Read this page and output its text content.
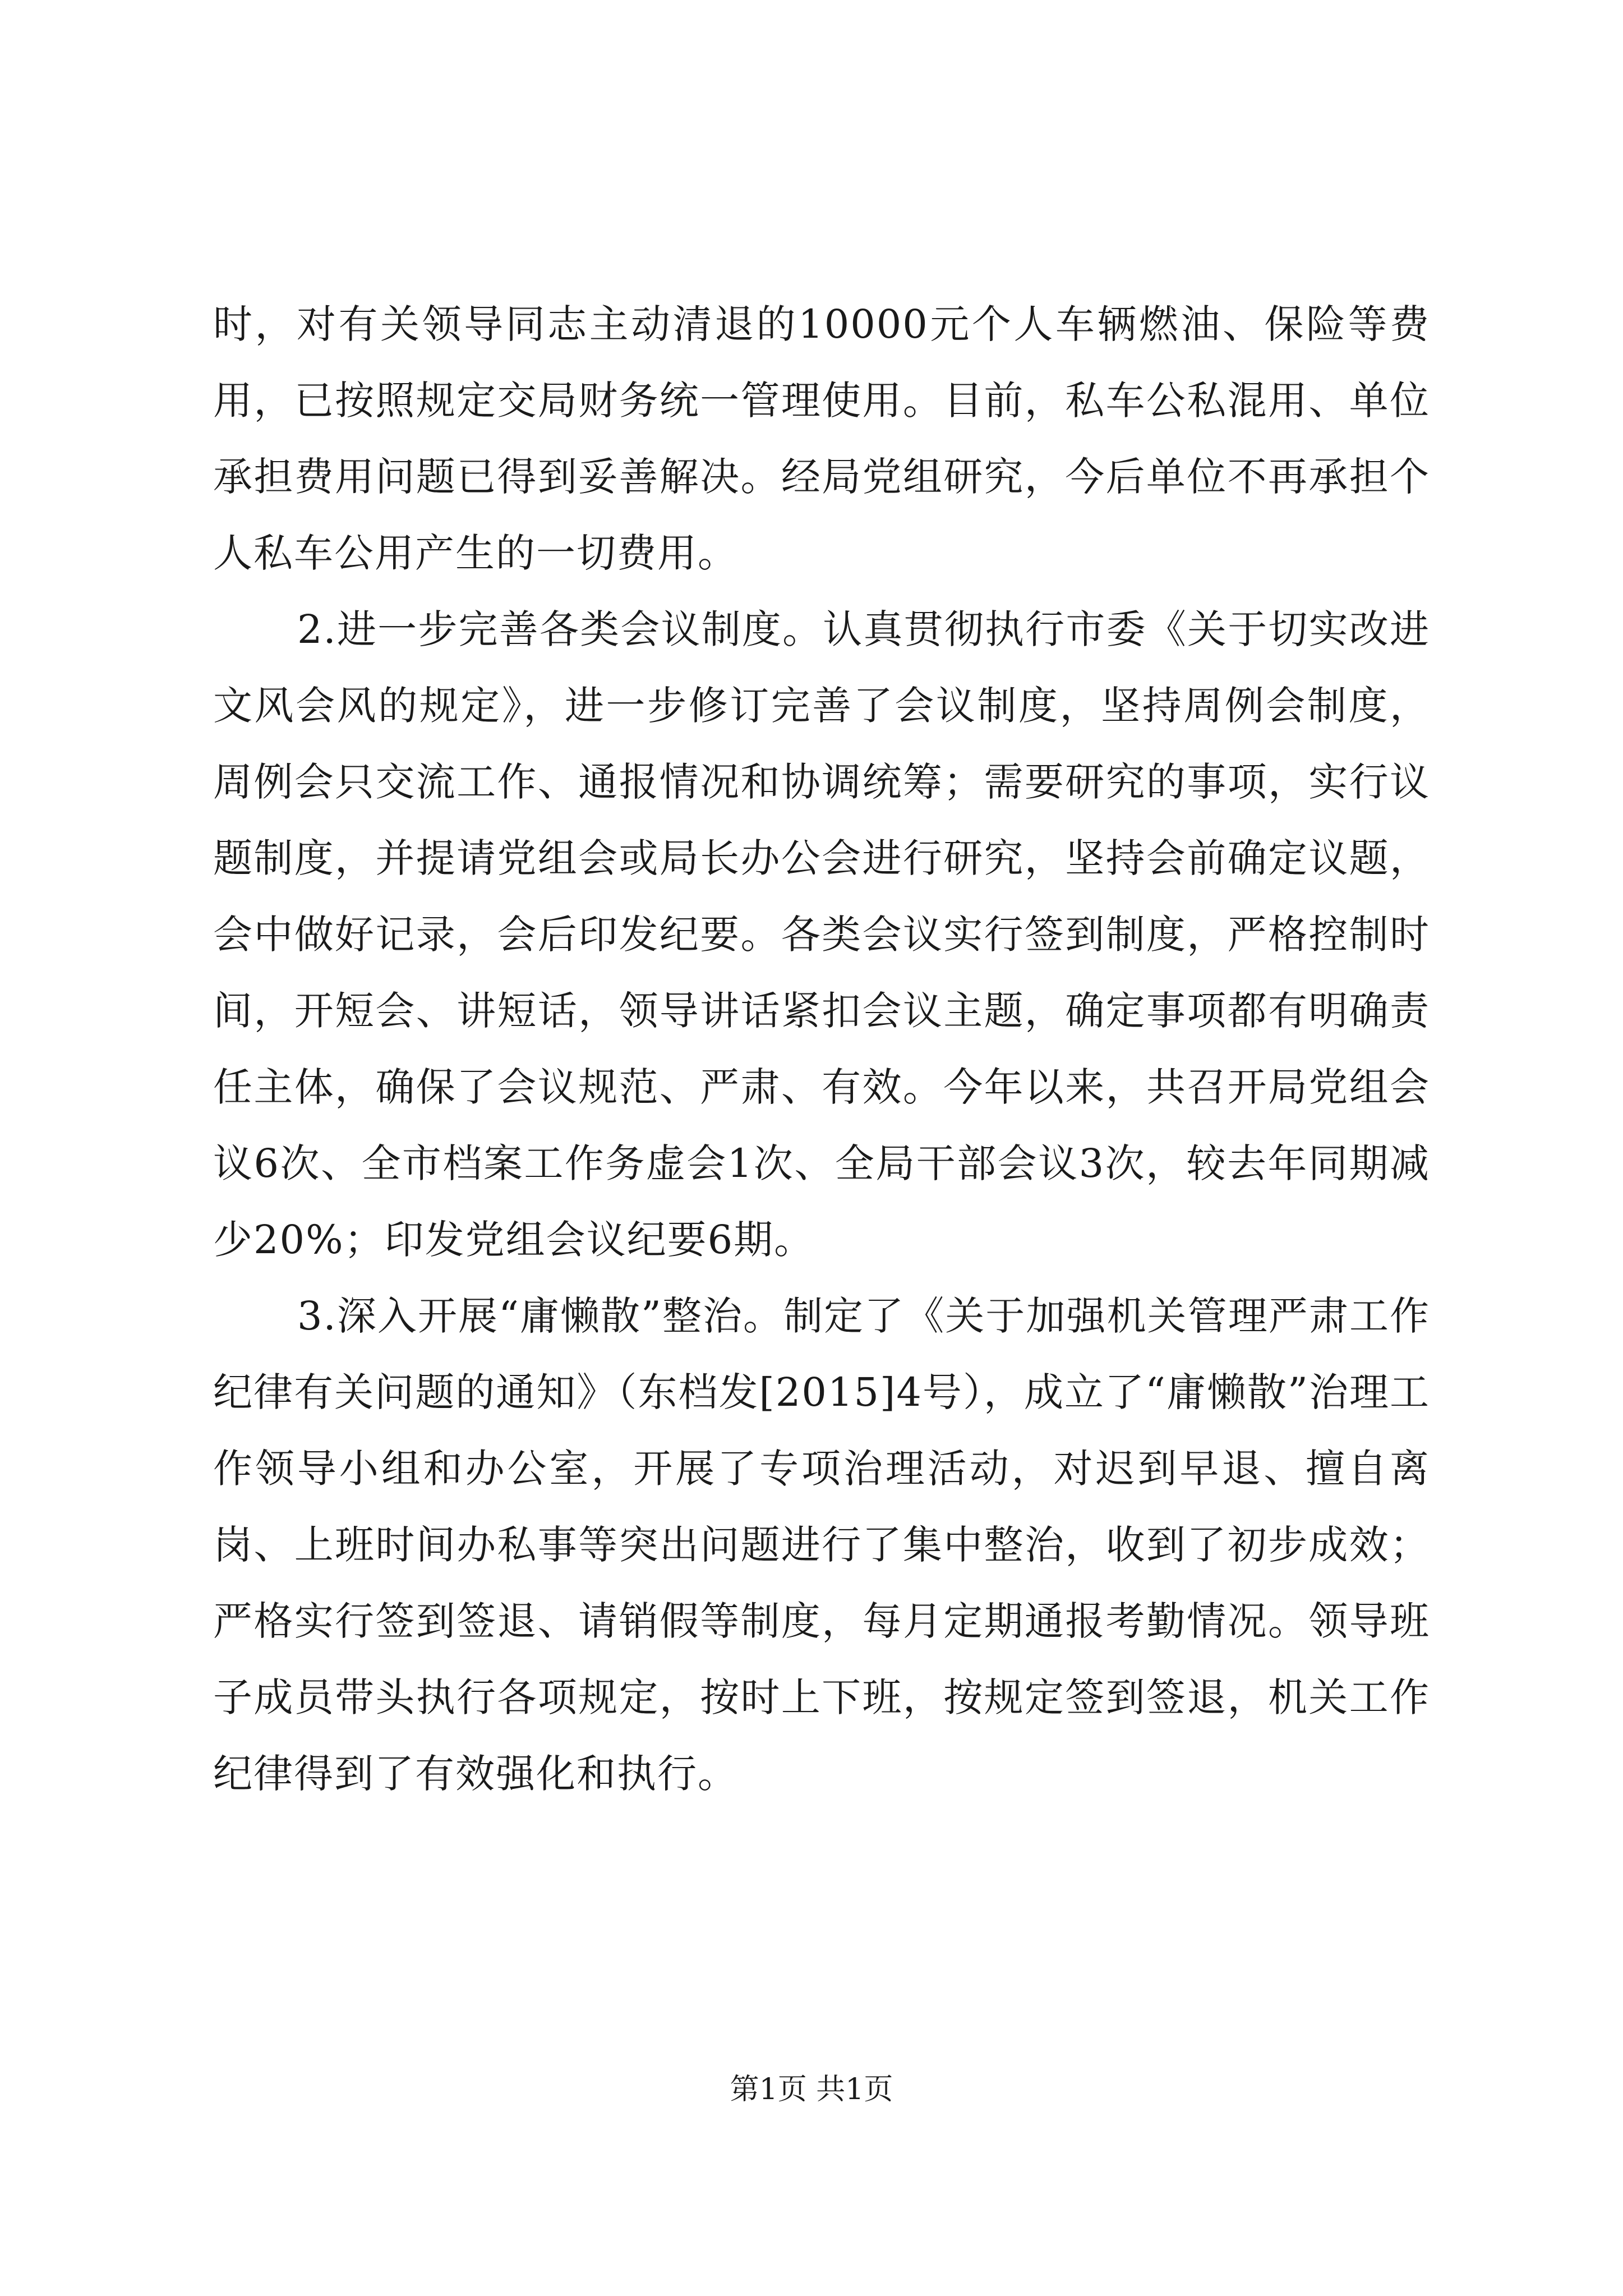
时，对有关领导同志主动清退的10000元个人车辆燃油、保险等费用，已按照规定交局财务统一管理使用。目前，私车公私混用、单位承担费用问题已得到妥善解决。经局党组研究，今后单位不再承担个人私车公用产生的一切费用。

2.进一步完善各类会议制度。认真贯彻执行市委《关于切实改进文风会风的规定》，进一步修订完善了会议制度，坚持周例会制度，周例会只交流工作、通报情况和协调统筹；需要研究的事项，实行议题制度，并提请党组会或局长办公会进行研究，坚持会前确定议题，会中做好记录，会后印发纪要。各类会议实行签到制度，严格控制时间，开短会、讲短话，领导讲话紧扣会议主题，确定事项都有明确责任主体，确保了会议规范、严肃、有效。今年以来，共召开局党组会议6次、全市档案工作务虚会1次、全局干部会议3次，较去年同期减少20%；印发党组会议纪要6期。

3.深入开展“庸懒散”整治。制定了《关于加强机关管理严肃工作纪律有关问题的通知》（东档发[2015]4号），成立了“庸懒散”治理工作领导小组和办公室，开展了专项治理活动，对迟到早退、擅自离岗、上班时间办私事等突出问题进行了集中整治，收到了初步成效；严格实行签到签退、请销假等制度，每月定期通报考勤情况。领导班子成员带头执行各项规定，按时上下班，按规定签到签退，机关工作纪律得到了有效强化和执行。

第1页 共1页
